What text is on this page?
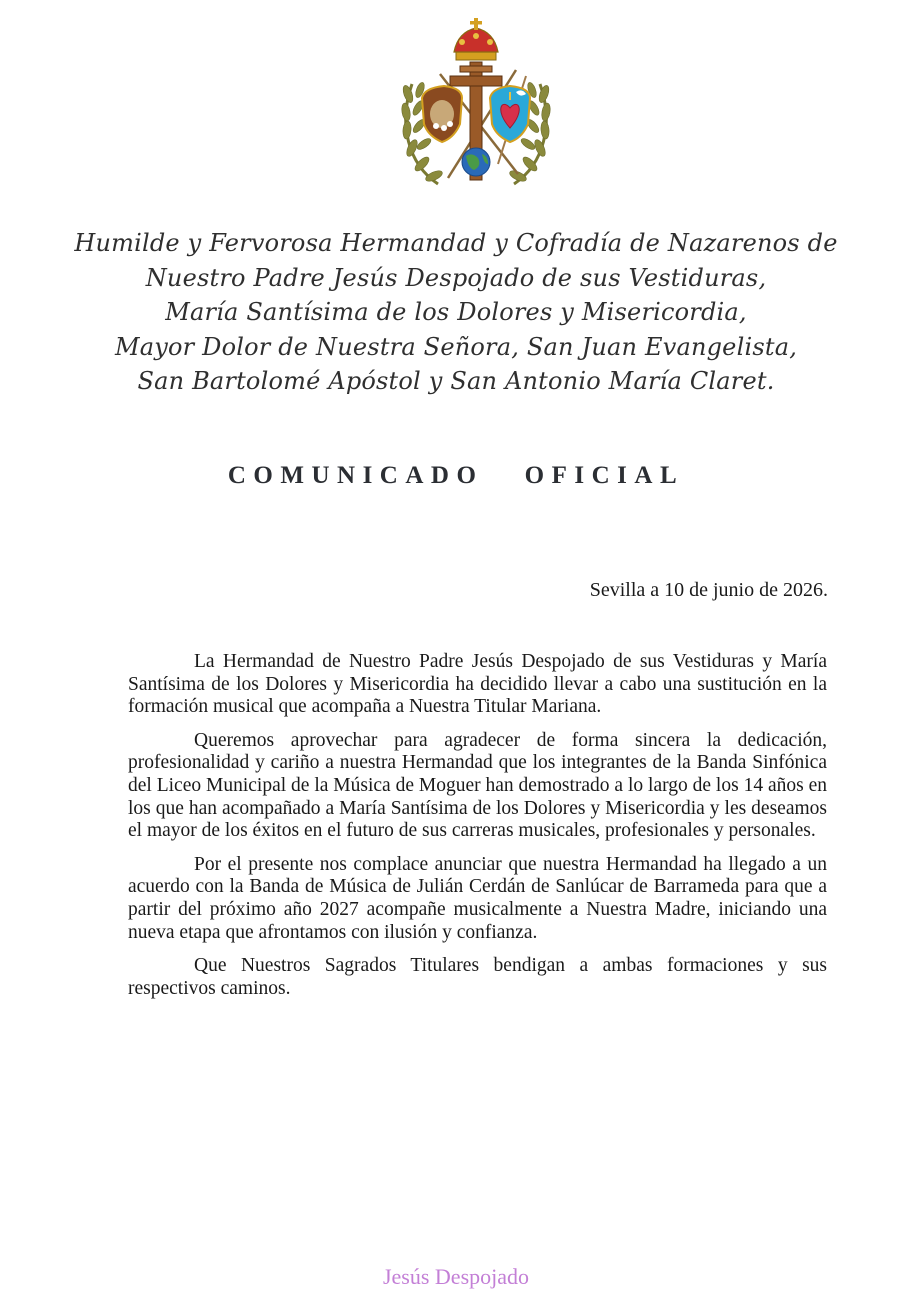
Humilde y Fervorosa Hermandad y Cofradía de Nazarenos de
Nuestro Padre Jesús Despojado de sus Vestiduras,
María Santísima de los Dolores y Misericordia,
Mayor Dolor de Nuestra Señora, San Juan Evangelista,
San Bartolomé Apóstol y San Antonio María Claret.
COMUNICADO   OFICIAL
Sevilla a 10 de junio de 2026.

La Hermandad de Nuestro Padre Jesús Despojado de sus Vestiduras y María Santísima de los Dolores y Misericordia ha decidido llevar a cabo una sustitución en la formación musical que acompaña a Nuestra Titular Mariana.

Queremos aprovechar para agradecer de forma sincera la dedicación, profesionalidad y cariño a nuestra Hermandad que los integrantes de la Banda Sinfónica del Liceo Municipal de la Música de Moguer han demostrado a lo largo de los 14 años en los que han acompañado a María Santísima de los Dolores y Misericordia y les deseamos el mayor de los éxitos en el futuro de sus carreras musicales, profesionales y personales.

Por el presente nos complace anunciar que nuestra Hermandad ha llegado a un acuerdo con la Banda de Música de Julián Cerdán de Sanlúcar de Barrameda para que a partir del próximo año 2027 acompañe musicalmente a Nuestra Madre, iniciando una nueva etapa que afrontamos con ilusión y confianza.

Que Nuestros Sagrados Titulares bendigan a ambas formaciones y sus respectivos caminos.

Jesús Despojado
